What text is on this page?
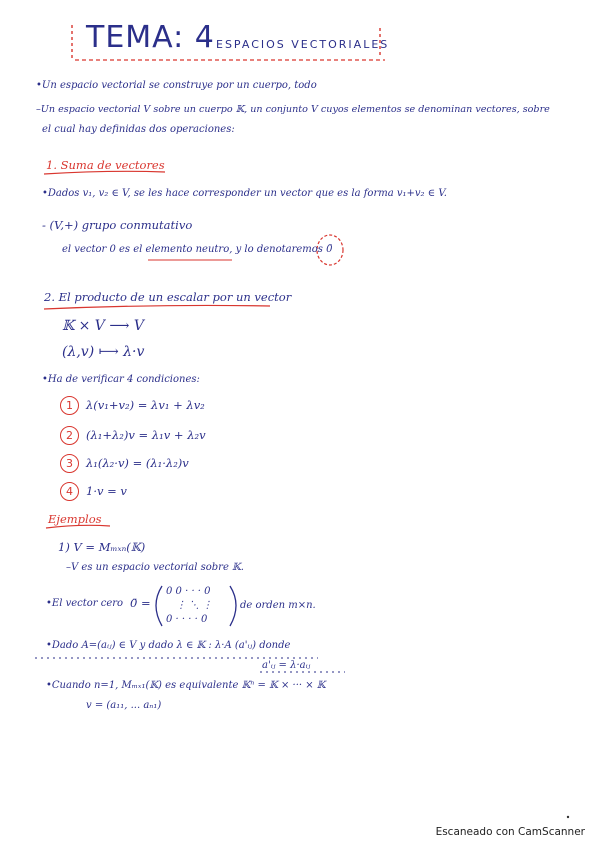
TEMA: 4 ESPACIOS VECTORIALES
•Un espacio vectorial se construye por un cuerpo, todo
–Un espacio vectorial V sobre un cuerpo 𝕂, un conjunto V cuyos elementos se denominan vectores, sobre
el cual hay definidas dos operaciones:
1. Suma de vectores
•Dados v₁, v₂ ∈ V, se les hace corresponder un vector que es la forma v₁+v₂ ∈ V.
- (V,+) grupo conmutativo
el vector 0 es el elemento neutro, y lo denotaremos 0̄
2. El producto de un escalar por un vector
𝕂 × V ⟶ V
(λ,v) ⟼ λ·v
•Ha de verificar 4 condiciones:
1	λ(v₁+v₂) = λv₁ + λv₂
2	(λ₁+λ₂)v = λ₁v + λ₂v
3	λ₁(λ₂·v) = (λ₁·λ₂)v
4	1·v = v
Ejemplos
1) V = Mₘₓₙ(𝕂)
–V es un espacio vectorial sobre 𝕂.
•El vector cero 0̄ =
0 0 · · · 0
⋮ ⋱ ⋮
0 · · · · 0
de orden m×n.
•Dado A=(aᵢⱼ) ∈ V y dado λ ∈ 𝕂 : λ·A (a'ᵢⱼ) donde
a'ᵢⱼ = λ·aᵢⱼ
•Cuando n=1, Mₘₓ₁(𝕂) es equivalente 𝕂ⁿ = 𝕂 × ··· × 𝕂
v = (a₁₁, ... aₙ₁)
Escaneado con CamScanner
